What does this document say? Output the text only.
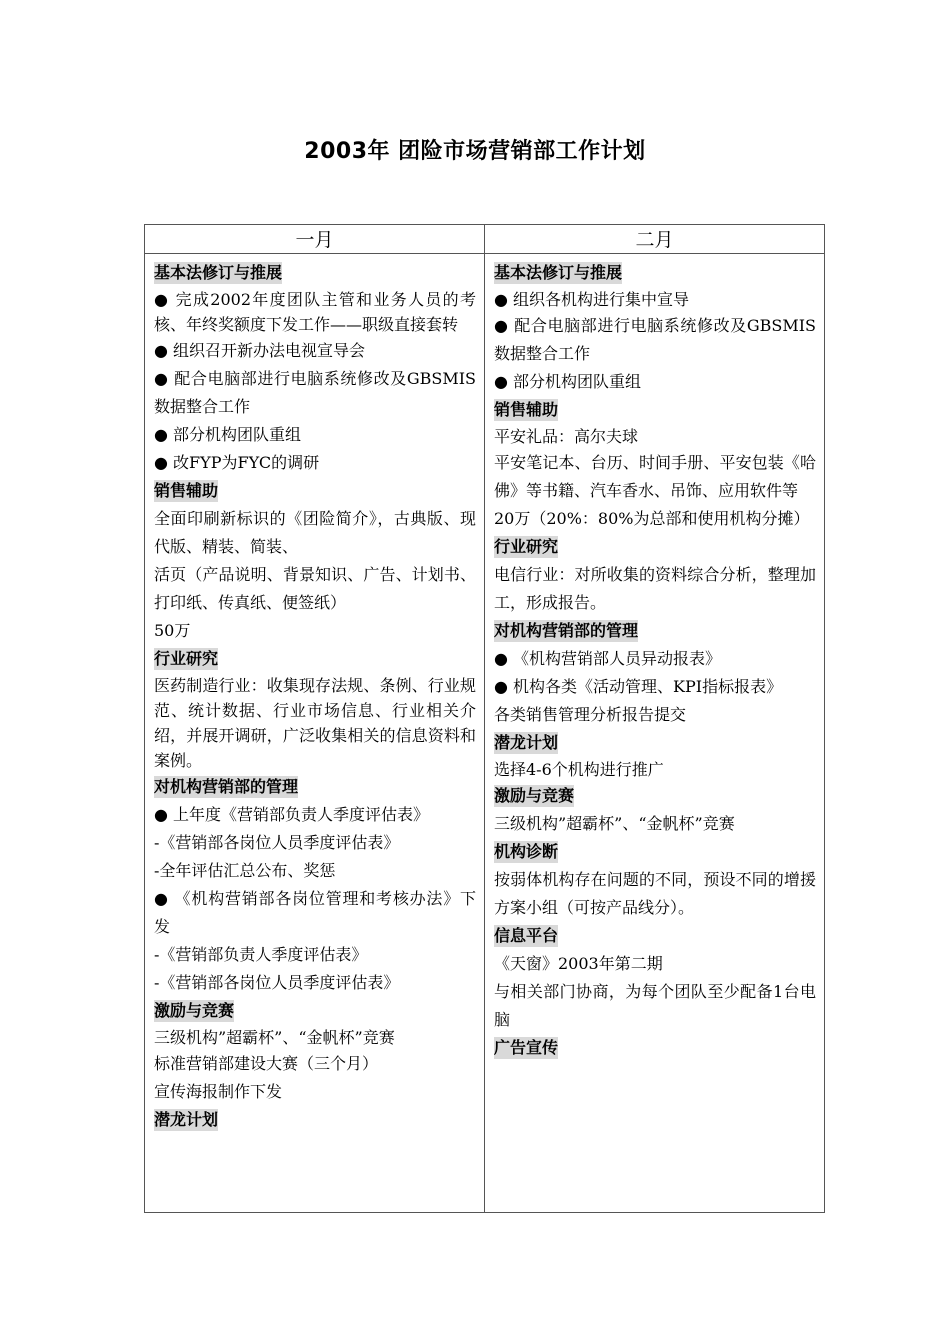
2003年 团险市场营销部工作计划
一月	二月
基本法修订与推展

● 完成2002年度团队主管和业务人员的考核、年终奖额度下发工作——职级直接套转

● 组织召开新办法电视宣导会

● 配合电脑部进行电脑系统修改及GBSMIS数据整合工作

● 部分机构团队重组

● 改FYP为FYC的调研

销售辅助

全面印刷新标识的《团险简介》，古典版、现代版、精装、简装、

活页（产品说明、背景知识、广告、计划书、打印纸、传真纸、便签纸）

50万

行业研究

医药制造行业：收集现存法规、条例、行业规范、统计数据、行业市场信息、行业相关介绍，并展开调研，广泛收集相关的信息资料和案例。

对机构营销部的管理

● 上年度《营销部负责人季度评估表》

-《营销部各岗位人员季度评估表》

-全年评估汇总公布、奖惩

● 《机构营销部各岗位管理和考核办法》下发

-《营销部负责人季度评估表》

-《营销部各岗位人员季度评估表》

激励与竞赛

三级机构”超霸杯”、“金帆杯”竞赛

标准营销部建设大赛（三个月）

宣传海报制作下发

潜龙计划
基本法修订与推展

● 组织各机构进行集中宣导

● 配合电脑部进行电脑系统修改及GBSMIS数据整合工作

● 部分机构团队重组

销售辅助

平安礼品：高尔夫球

平安笔记本、台历、时间手册、平安包装《哈佛》等书籍、汽车香水、吊饰、应用软件等

20万（20%：80%为总部和使用机构分摊）

行业研究

电信行业：对所收集的资料综合分析，整理加工，形成报告。

对机构营销部的管理

● 《机构营销部人员异动报表》

● 机构各类《活动管理、KPI指标报表》

各类销售管理分析报告提交

潜龙计划

选择4-6个机构进行推广

激励与竞赛

三级机构”超霸杯”、“金帆杯”竞赛

机构诊断

按弱体机构存在问题的不同，预设不同的增援方案小组（可按产品线分）。

信息平台

《天窗》2003年第二期

与相关部门协商，为每个团队至少配备1台电脑

广告宣传
